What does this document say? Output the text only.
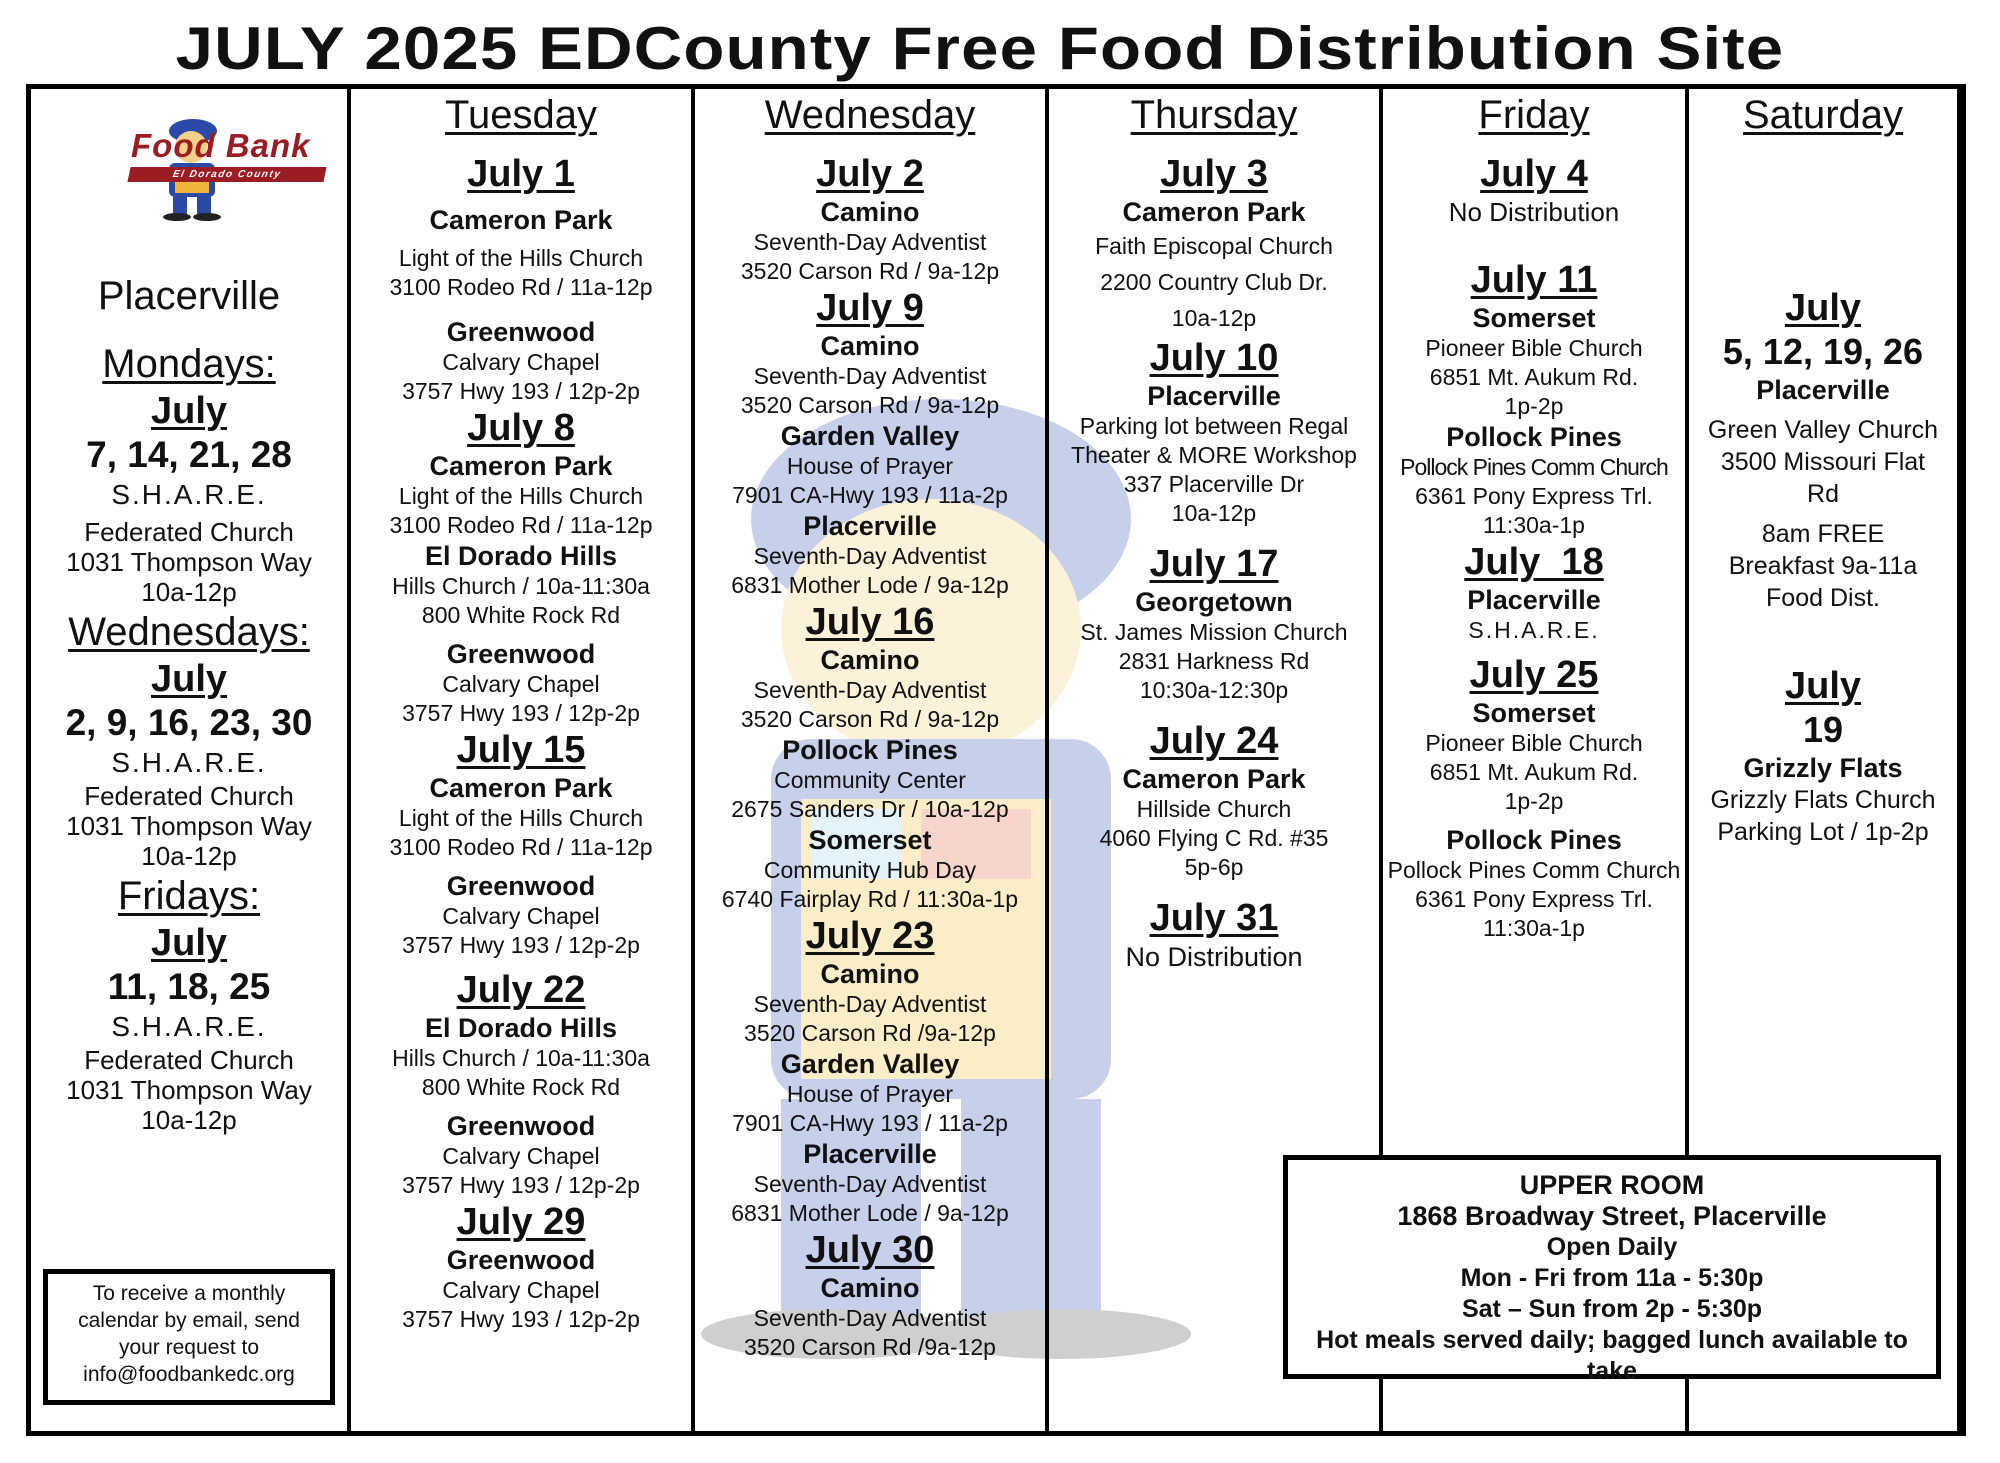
JULY 2025 EDCounty Free Food Distribution Site
Food Bank
El Dorado County
Placerville
Mondays:
July
7, 14, 21, 28
S.H.A.R.E.
Federated Church
1031 Thompson Way
10a-12p
Wednesdays:
July
2, 9, 16, 23, 30
S.H.A.R.E.
Federated Church
1031 Thompson Way
10a-12p
Fridays:
July
11, 18, 25
S.H.A.R.E.
Federated Church
1031 Thompson Way
10a-12p
To receive a monthly
calendar by email, send
your request to
info@foodbankedc.org
Tuesday
July 1
Cameron Park
Light of the Hills Church
3100 Rodeo Rd / 11a-12p
Greenwood
Calvary Chapel
3757 Hwy 193 / 12p-2p
July 8
Cameron Park
Light of the Hills Church
3100 Rodeo Rd / 11a-12p
El Dorado Hills
Hills Church / 10a-11:30a
800 White Rock Rd
Greenwood
Calvary Chapel
3757 Hwy 193 / 12p-2p
July 15
Cameron Park
Light of the Hills Church
3100 Rodeo Rd / 11a-12p
Greenwood
Calvary Chapel
3757 Hwy 193 / 12p-2p
July 22
El Dorado Hills
Hills Church / 10a-11:30a
800 White Rock Rd
Greenwood
Calvary Chapel
3757 Hwy 193 / 12p-2p
July 29
Greenwood
Calvary Chapel
3757 Hwy 193 / 12p-2p
Wednesday
July 2
Camino
Seventh-Day Adventist
3520 Carson Rd / 9a-12p
July 9
Camino
Seventh-Day Adventist
3520 Carson Rd / 9a-12p
Garden Valley
House of Prayer
7901 CA-Hwy 193 / 11a-2p
Placerville
Seventh-Day Adventist
6831 Mother Lode / 9a-12p
July 16
Camino
Seventh-Day Adventist
3520 Carson Rd / 9a-12p
Pollock Pines
Community Center
2675 Sanders Dr / 10a-12p
Somerset
Community Hub Day
6740 Fairplay Rd / 11:30a-1p
July 23
Camino
Seventh-Day Adventist
3520 Carson Rd /9a-12p
Garden Valley
House of Prayer
7901 CA-Hwy 193 / 11a-2p
Placerville
Seventh-Day Adventist
6831 Mother Lode / 9a-12p
July 30
Camino
Seventh-Day Adventist
3520 Carson Rd /9a-12p
Thursday
July 3
Cameron Park
Faith Episcopal Church
2200 Country Club Dr.
10a-12p
July 10
Placerville
Parking lot between Regal
Theater & MORE Workshop
337 Placerville Dr
10a-12p
July 17
Georgetown
St. James Mission Church
2831 Harkness Rd
10:30a-12:30p
July 24
Cameron Park
Hillside Church
4060 Flying C Rd. #35
5p-6p
July 31
No Distribution
Friday
July 4
No Distribution
July 11
Somerset
Pioneer Bible Church
6851 Mt. Aukum Rd.
1p-2p
Pollock Pines
Pollock Pines Comm Church
6361 Pony Express Trl.
11:30a-1p
July  18
Placerville
S.H.A.R.E.
July 25
Somerset
Pioneer Bible Church
6851 Mt. Aukum Rd.
1p-2p
Pollock Pines
Pollock Pines Comm Church
6361 Pony Express Trl.
11:30a-1p
Saturday
July
5, 12, 19, 26
Placerville
Green Valley Church
3500 Missouri Flat
Rd
8am FREE
Breakfast 9a-11a
Food Dist.
July
19
Grizzly Flats
Grizzly Flats Church
Parking Lot / 1p-2p
UPPER ROOM
1868 Broadway Street, Placerville
Open Daily
Mon - Fri from 11a - 5:30p
Sat – Sun from 2p - 5:30p
Hot meals served daily; bagged lunch available to take
